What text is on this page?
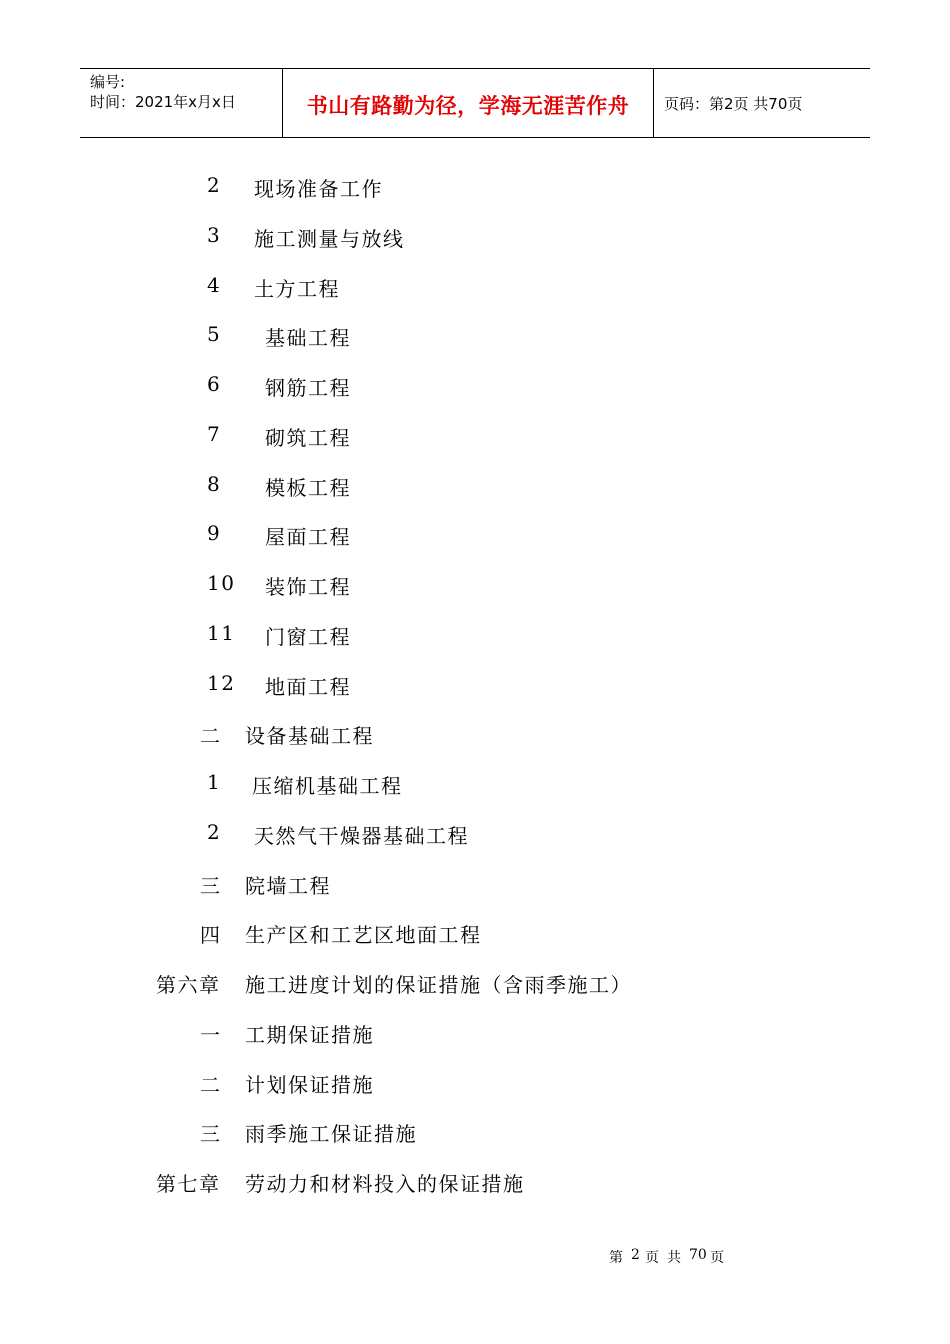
编号:
时间：2021年x月x日	书山有路勤为径，学海无涯苦作舟	页码：第2页 共70页
2 现场准备工作
3 施工测量与放线
4 土方工程
5 基础工程
6 钢筋工程
7 砌筑工程
8 模板工程
9 屋面工程
10 装饰工程
11 门窗工程
12 地面工程
二 设备基础工程
1 压缩机基础工程
2 天然气干燥器基础工程
三 院墙工程
四 生产区和工艺区地面工程
第六章 施工进度计划的保证措施（含雨季施工）
一 工期保证措施
二 计划保证措施
三 雨季施工保证措施
第七章 劳动力和材料投入的保证措施
第 2 页 共 70 页
